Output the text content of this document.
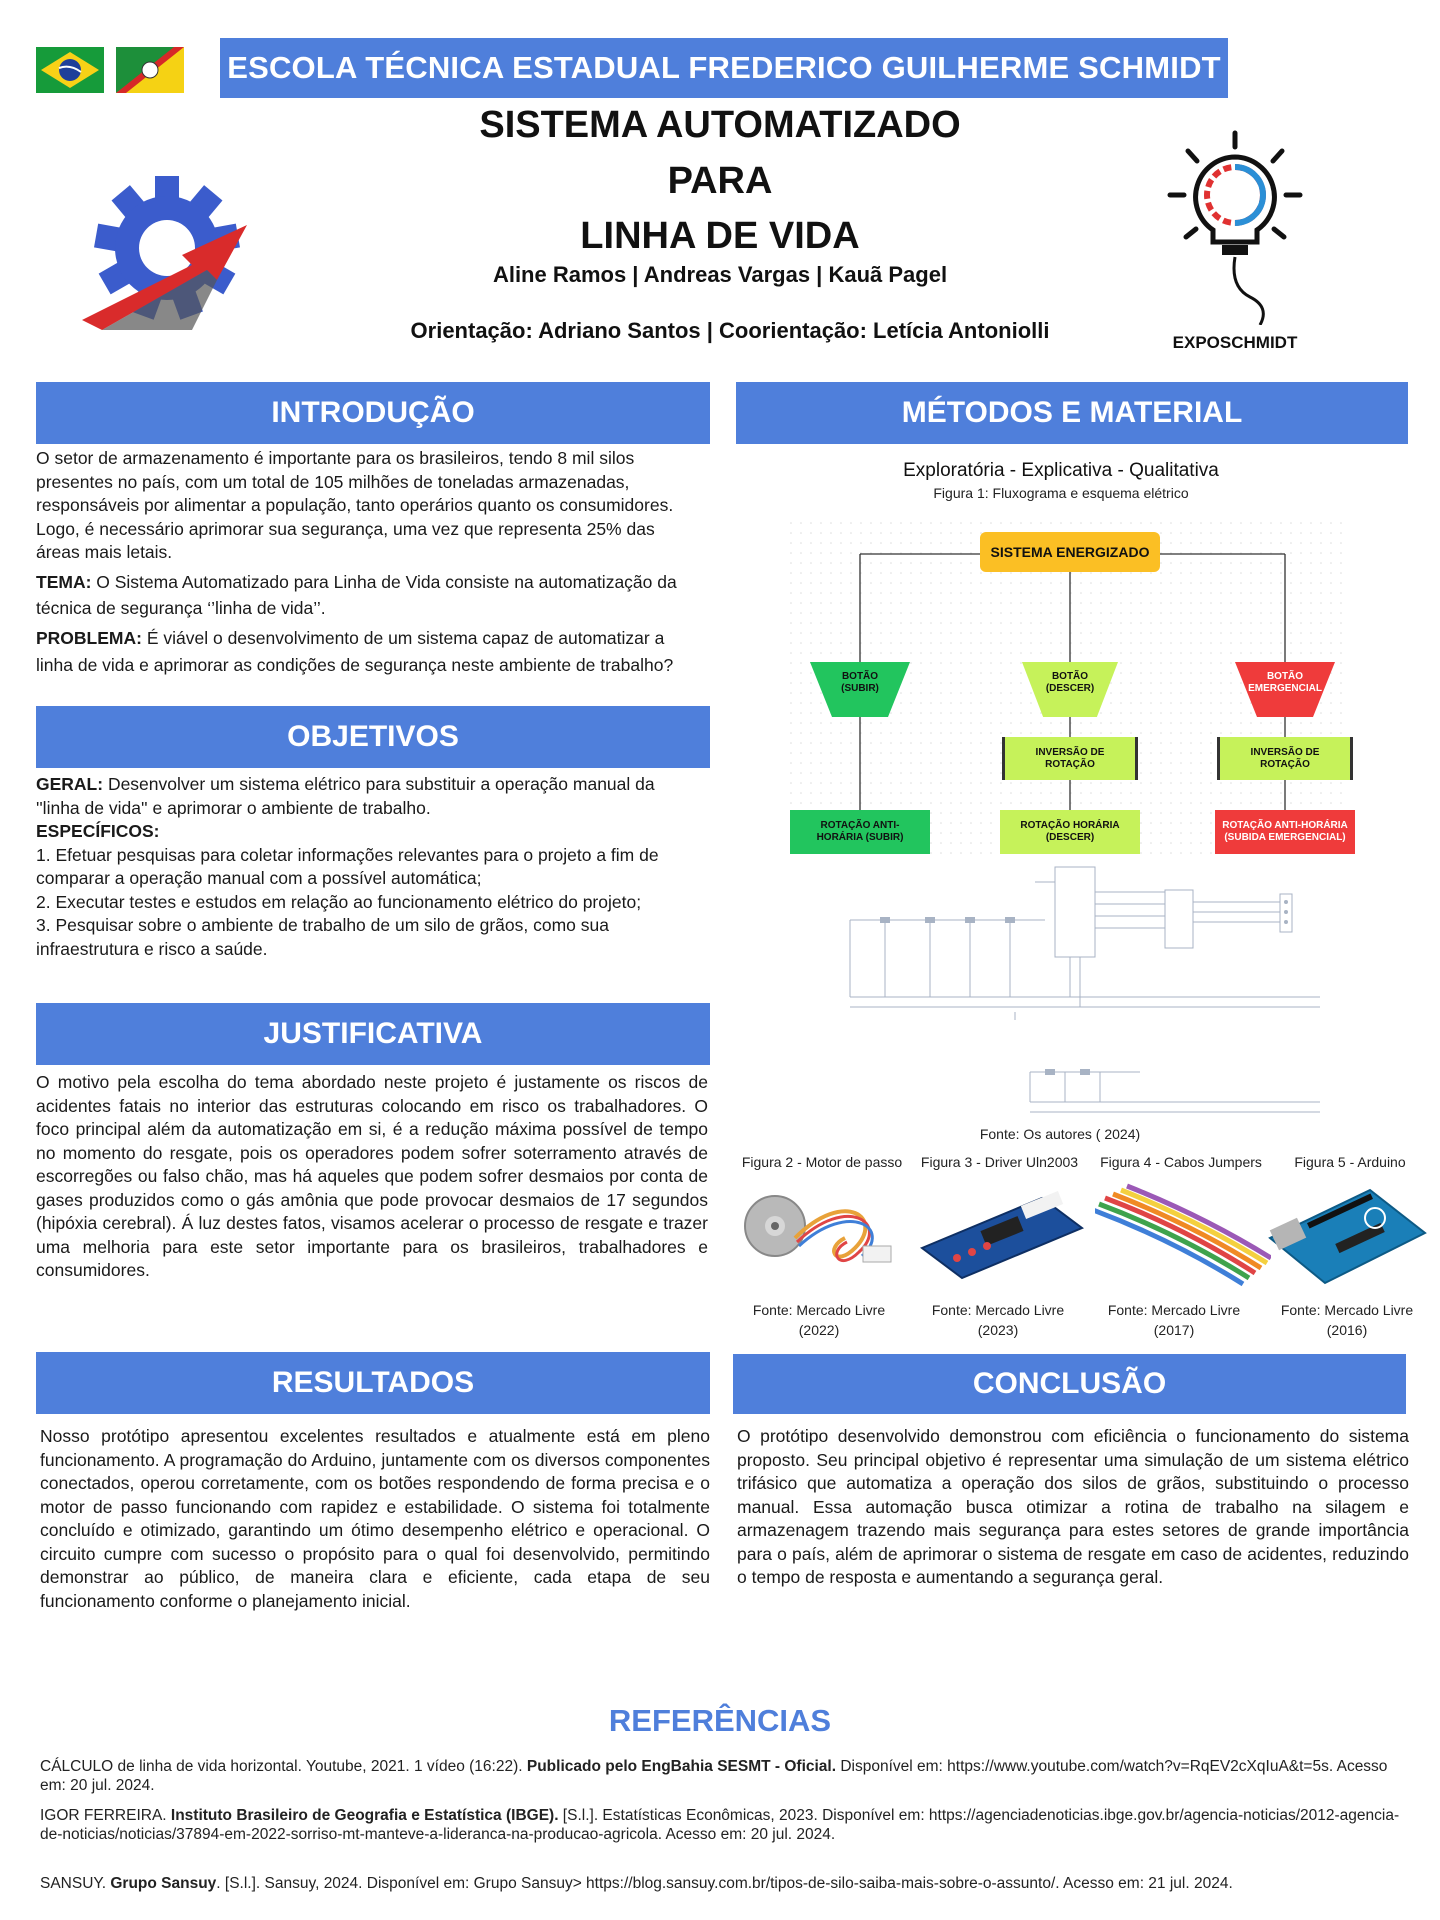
ESCOLA TÉCNICA ESTADUAL FREDERICO GUILHERME SCHMIDT
SISTEMA AUTOMATIZADO
PARA
LINHA DE VIDA
Aline Ramos | Andreas Vargas | Kauã Pagel
Orientação: Adriano Santos | Coorientação: Letícia Antoniolli	EXPOSCHMIDT
INTRODUÇÃO

O setor de armazenamento é importante para os brasileiros, tendo 8 mil silos presentes no país, com um total de 105 milhões de toneladas armazenadas, responsáveis por alimentar a população, tanto operários quanto os consumidores. Logo, é necessário aprimorar sua segurança, uma vez que representa 25% das áreas mais letais.

TEMA: O Sistema Automatizado para Linha de Vida consiste na automatização da técnica de segurança ‘’linha de vida’’.

PROBLEMA: É viável o desenvolvimento de um sistema capaz de automatizar a linha de vida e aprimorar as condições de segurança neste ambiente de trabalho?

OBJETIVOS

GERAL: Desenvolver um sistema elétrico para substituir a operação manual da ''linha de vida'' e aprimorar o ambiente de trabalho.

ESPECÍFICOS:

1. Efetuar pesquisas para coletar informações relevantes para o projeto a fim de comparar a operação manual com a possível automática;

2. Executar testes e estudos em relação ao funcionamento elétrico do projeto;

3. Pesquisar sobre o ambiente de trabalho de um silo de grãos, como sua infraestrutura e risco a saúde.

JUSTIFICATIVA
O motivo pela escolha do tema abordado neste projeto é justamente os riscos de acidentes fatais no interior das estruturas colocando em risco os trabalhadores. O foco principal além da automatização em si, é a redução máxima possível de tempo no momento do resgate, pois os operadores podem sofrer soterramento através de escorregões ou falso chão, mas há aqueles que podem sofrer desmaios por conta de gases produzidos como o gás amônia que pode provocar desmaios de 17 segundos (hipóxia cerebral). Á luz destes fatos, visamos acelerar o processo de resgate e trazer uma melhoria para este setor importante para os brasileiros, trabalhadores e consumidores.
MÉTODOS E MATERIAL
Exploratória - Explicativa - Qualitativa
Figura 1: Fluxograma e esquema elétrico
SISTEMA ENERGIZADO
BOTÃO (SUBIR)
BOTÃO (DESCER)
BOTÃO EMERGENCIAL
INVERSÃO DE ROTAÇÃO
INVERSÃO DE ROTAÇÃO
ROTAÇÃO ANTI-HORÁRIA (SUBIR)
ROTAÇÃO HORÁRIA (DESCER)
ROTAÇÃO ANTI-HORÁRIA (SUBIDA EMERGENCIAL)
Fonte: Os autores ( 2024)
Figura 2 - Motor de passo	Figura 3 - Driver Uln2003	Figura 4 - Cabos Jumpers	Figura 5 - Arduino
Fonte: Mercado Livre (2022)
Fonte: Mercado Livre (2023)
Fonte: Mercado Livre (2017)
Fonte: Mercado Livre (2016)
RESULTADOS
Nosso protótipo apresentou excelentes resultados e atualmente está em pleno funcionamento. A programação do Arduino, juntamente com os diversos componentes conectados, operou corretamente, com os botões respondendo de forma precisa e o motor de passo funcionando com rapidez e estabilidade. O sistema foi totalmente concluído e otimizado, garantindo um ótimo desempenho elétrico e operacional. O circuito cumpre com sucesso o propósito para o qual foi desenvolvido, permitindo demonstrar ao público, de maneira clara e eficiente, cada etapa de seu funcionamento conforme o planejamento inicial.
CONCLUSÃO
O protótipo desenvolvido demonstrou com eficiência o funcionamento do sistema proposto. Seu principal objetivo é representar uma simulação de um sistema elétrico trifásico que automatiza a operação dos silos de grãos, substituindo o processo manual. Essa automação busca otimizar a rotina de trabalho na silagem e armazenagem trazendo mais segurança para estes setores de grande importância para o país, além de aprimorar o sistema de resgate em caso de acidentes, reduzindo o tempo de resposta e aumentando a segurança geral.
REFERÊNCIAS
CÁLCULO de linha de vida horizontal. Youtube, 2021. 1 vídeo (16:22). Publicado pelo EngBahia SESMT - Oficial. Disponível em: https://www.youtube.com/watch?v=RqEV2cXqIuA&t=5s. Acesso em: 20 jul. 2024.
IGOR FERREIRA. Instituto Brasileiro de Geografia e Estatística (IBGE). [S.l.]. Estatísticas Econômicas, 2023. Disponível em: https://agenciadenoticias.ibge.gov.br/agencia-noticias/2012-agencia-de-noticias/noticias/37894-em-2022-sorriso-mt-manteve-a-lideranca-na-producao-agricola. Acesso em: 20 jul. 2024.
SANSUY. Grupo Sansuy. [S.l.]. Sansuy, 2024. Disponível em: Grupo Sansuy> https://blog.sansuy.com.br/tipos-de-silo-saiba-mais-sobre-o-assunto/. Acesso em: 21 jul. 2024.
